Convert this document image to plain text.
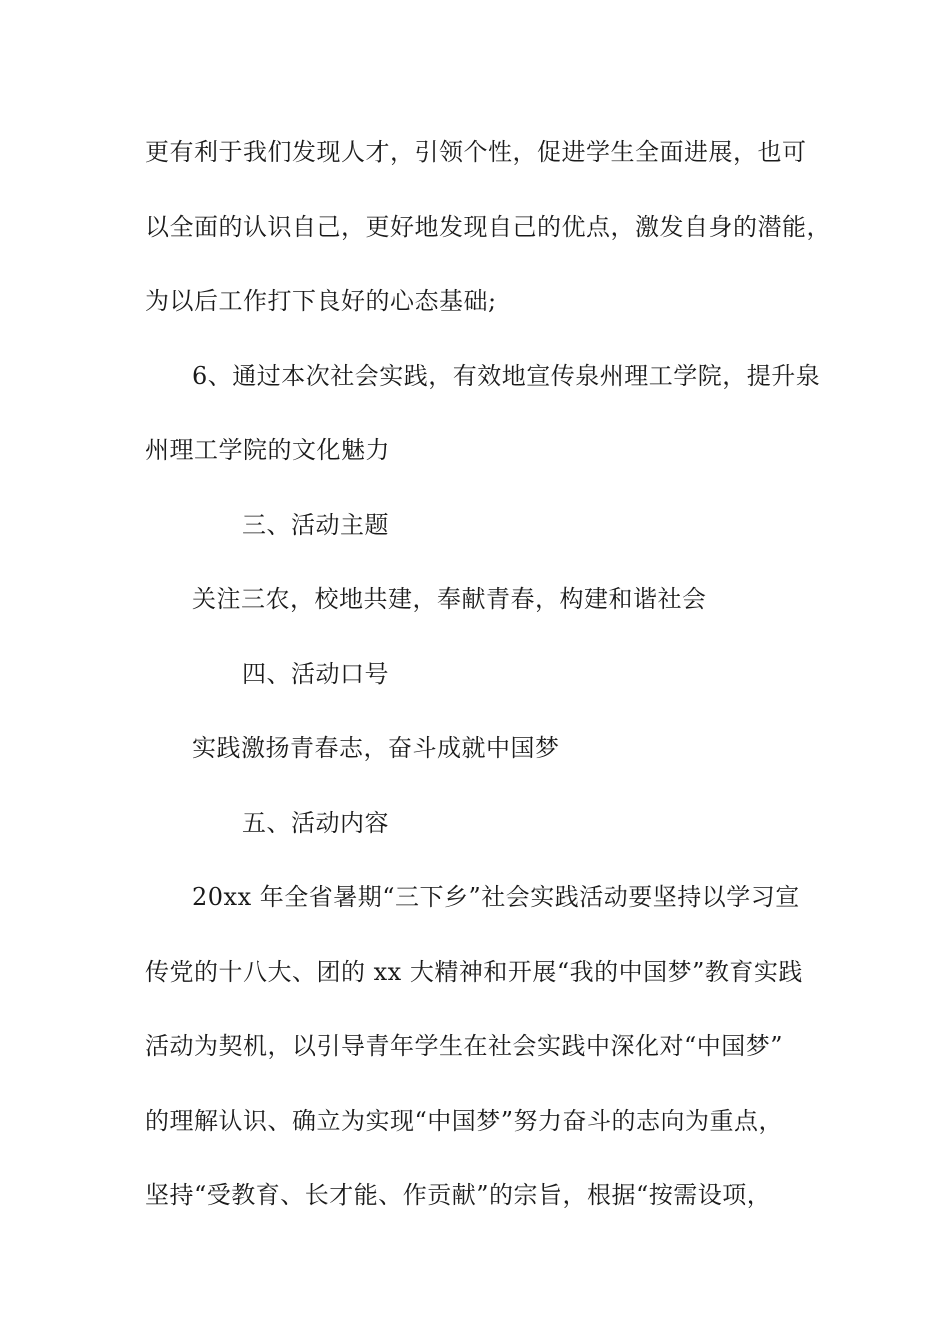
更有利于我们发现人才，引领个性，促进学生全面进展，也可
以全面的认识自己，更好地发现自己的优点，激发自身的潜能，
为以后工作打下良好的心态基础;
6、通过本次社会实践，有效地宣传泉州理工学院，提升泉
州理工学院的文化魅力
三、活动主题
关注三农，校地共建，奉献青春，构建和谐社会
四、活动口号
实践激扬青春志，奋斗成就中国梦
五、活动内容
20xx 年全省暑期“三下乡”社会实践活动要坚持以学习宣
传党的十八大、团的 xx 大精神和开展“我的中国梦”教育实践
活动为契机，以引导青年学生在社会实践中深化对“中国梦”
的理解认识、确立为实现“中国梦”努力奋斗的志向为重点，
坚持“受教育、长才能、作贡献”的宗旨，根据“按需设项，
